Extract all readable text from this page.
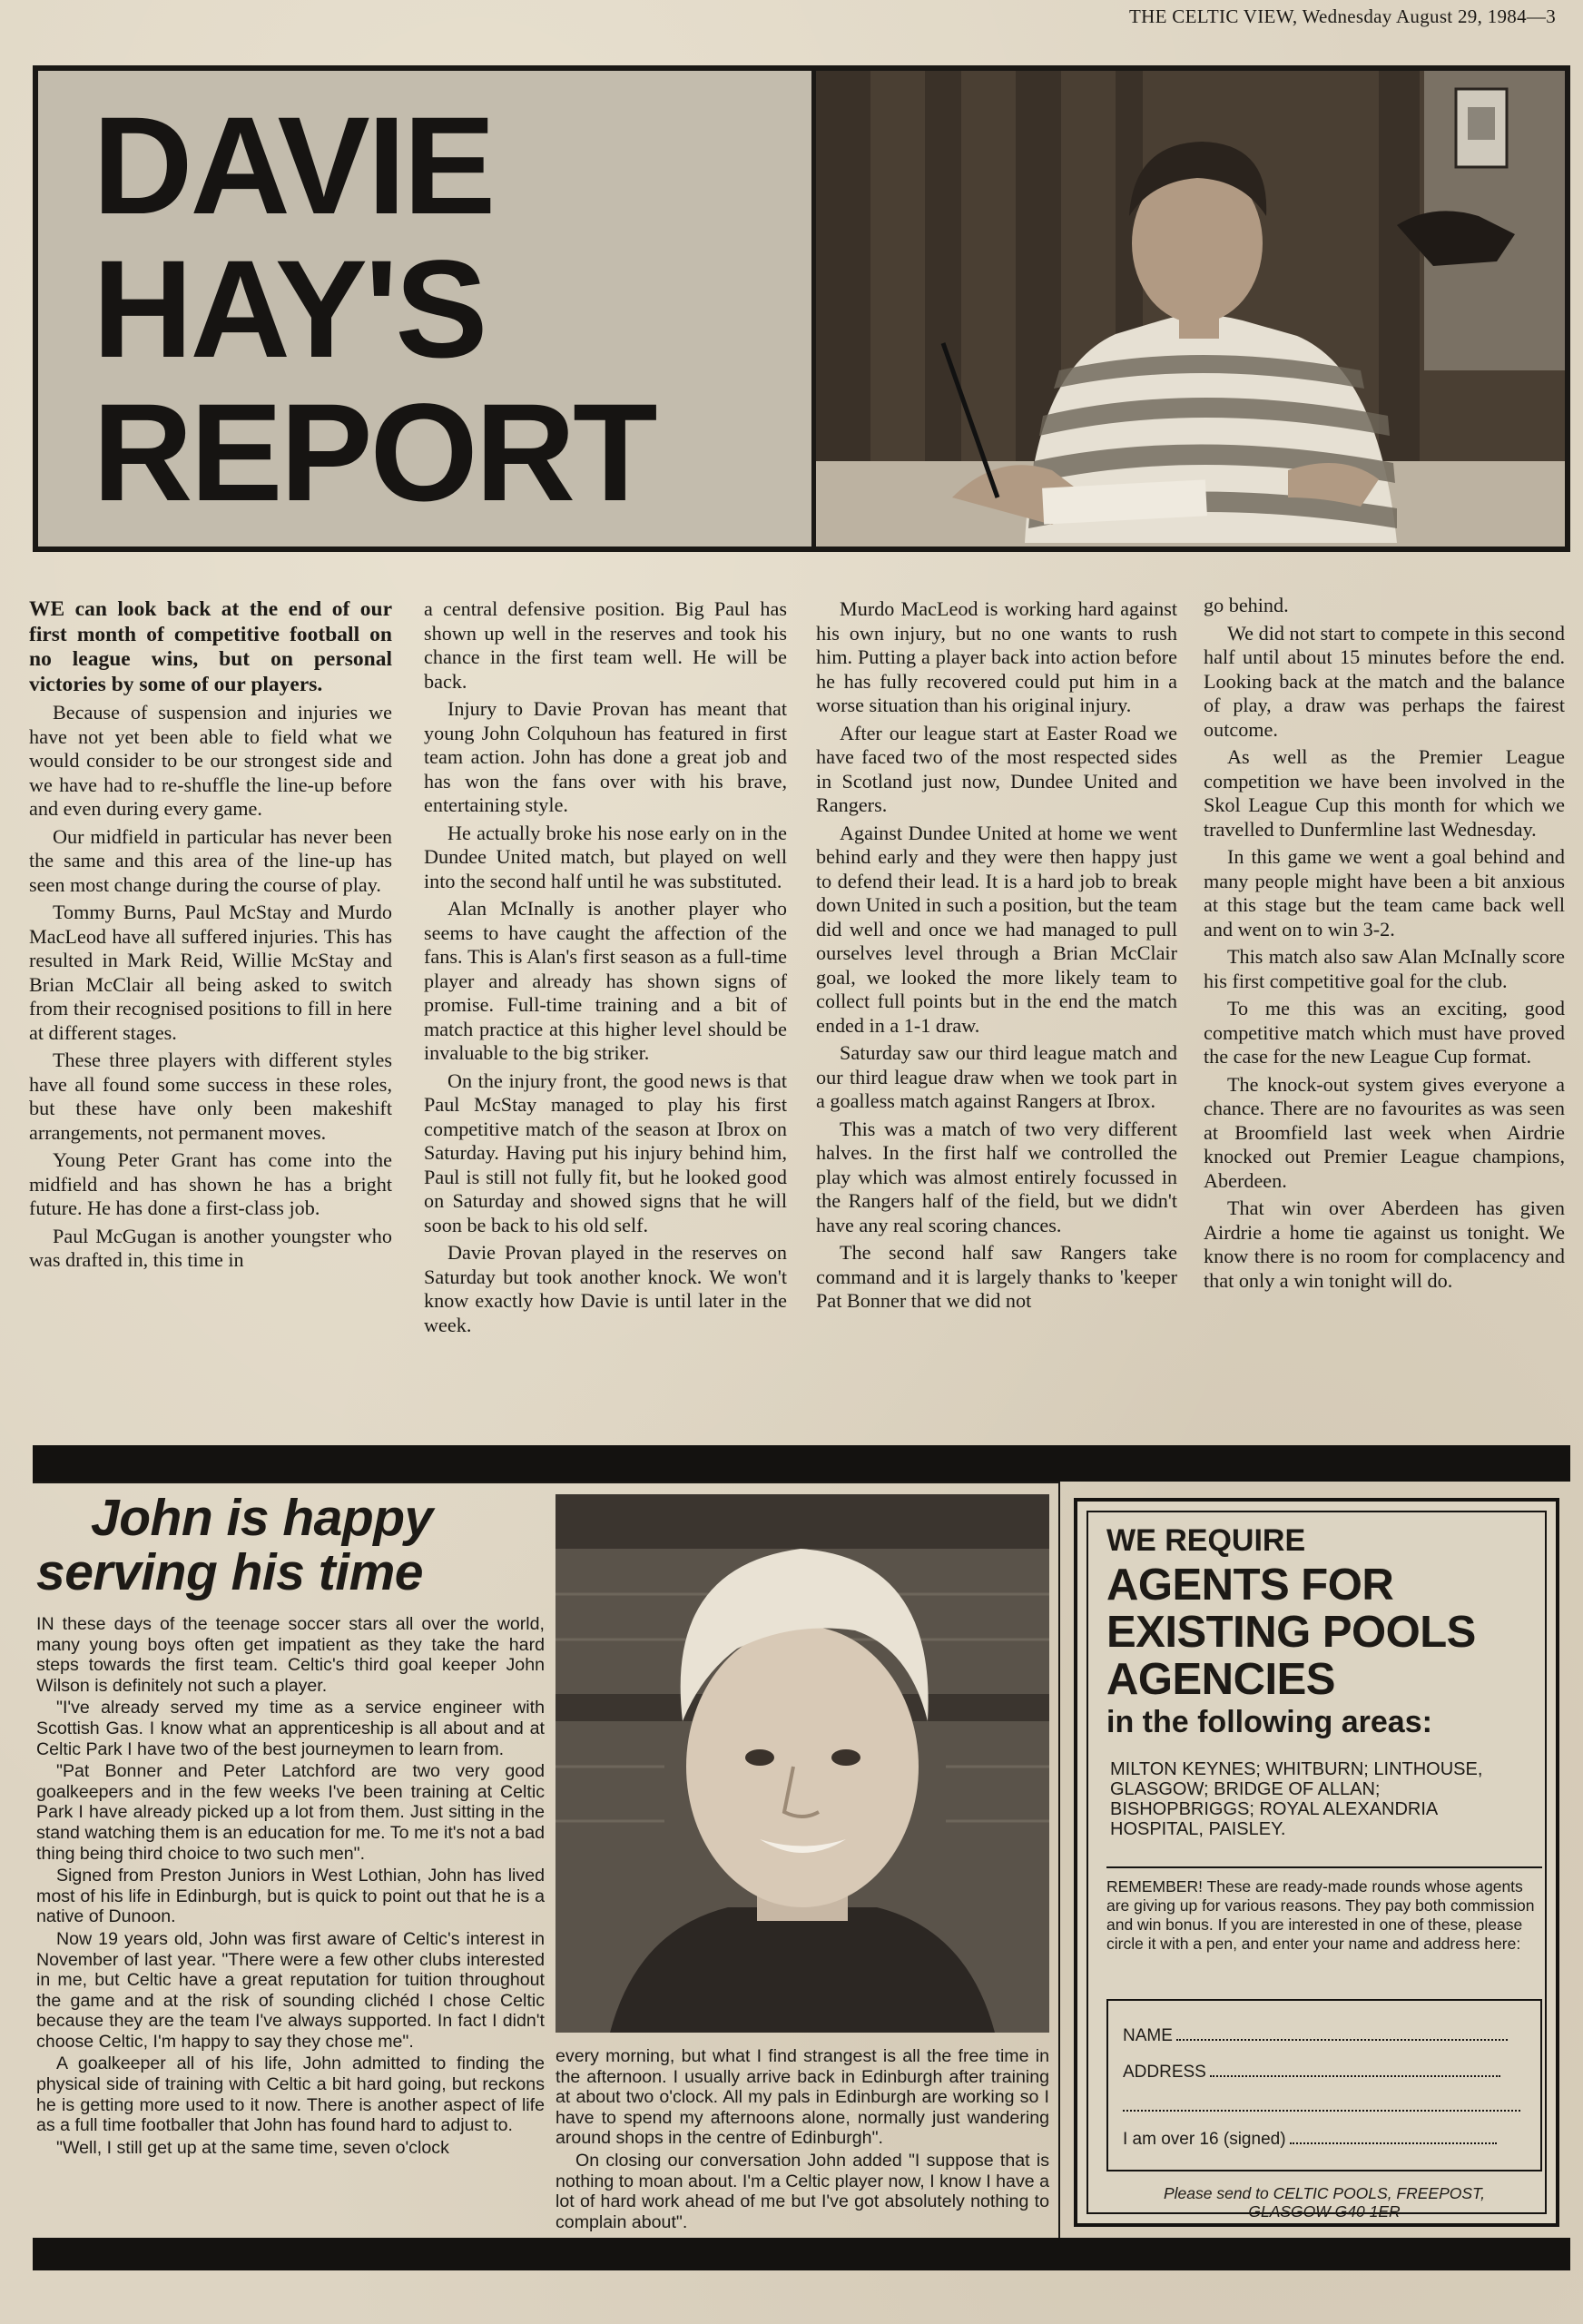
THE CELTIC VIEW, Wednesday August 29, 1984—3
DAVIE
HAY'S
REPORT

WE can look back at the end of our first month of competitive football on no league wins, but on personal victories by some of our players.

Because of suspension and injuries we have not yet been able to field what we would consider to be our strongest side and we have had to re-shuffle the line-up before and even during every game.

Our midfield in particular has never been the same and this area of the line-up has seen most change during the course of play.

Tommy Burns, Paul McStay and Murdo MacLeod have all suffered injuries. This has resulted in Mark Reid, Willie McStay and Brian McClair all being asked to switch from their recognised positions to fill in here at different stages.

These three players with different styles have all found some success in these roles, but these have only been makeshift arrangements, not permanent moves.

Young Peter Grant has come into the midfield and has shown he has a bright future. He has done a first-class job.

Paul McGugan is another youngster who was drafted in, this time in

a central defensive position. Big Paul has shown up well in the reserves and took his chance in the first team well. He will be back.

Injury to Davie Provan has meant that young John Colquhoun has featured in first team action. John has done a great job and has won the fans over with his brave, entertaining style.

He actually broke his nose early on in the Dundee United match, but played on well into the second half until he was substituted.

Alan McInally is another player who seems to have caught the affection of the fans. This is Alan's first season as a full-time player and already has shown signs of promise. Full-time training and a bit of match practice at this higher level should be invaluable to the big striker.

On the injury front, the good news is that Paul McStay managed to play his first competitive match of the season at Ibrox on Saturday. Having put his injury behind him, Paul is still not fully fit, but he looked good on Saturday and showed signs that he will soon be back to his old self.

Davie Provan played in the reserves on Saturday but took another knock. We won't know exactly how Davie is until later in the week.

Murdo MacLeod is working hard against his own injury, but no one wants to rush him. Putting a player back into action before he has fully recovered could put him in a worse situation than his original injury.

After our league start at Easter Road we have faced two of the most respected sides in Scotland just now, Dundee United and Rangers.

Against Dundee United at home we went behind early and they were then happy just to defend their lead. It is a hard job to break down United in such a position, but the team did well and once we had managed to pull ourselves level through a Brian McClair goal, we looked the more likely team to collect full points but in the end the match ended in a 1-1 draw.

Saturday saw our third league match and our third league draw when we took part in a goalless match against Rangers at Ibrox.

This was a match of two very different halves. In the first half we controlled the play which was almost entirely focussed in the Rangers half of the field, but we didn't have any real scoring chances.

The second half saw Rangers take command and it is largely thanks to 'keeper Pat Bonner that we did not

go behind.

We did not start to compete in this second half until about 15 minutes before the end. Looking back at the match and the balance of play, a draw was perhaps the fairest outcome.

As well as the Premier League competition we have been involved in the Skol League Cup this month for which we travelled to Dunfermline last Wednesday.

In this game we went a goal behind and many people might have been a bit anxious at this stage but the team came back well and went on to win 3-2.

This match also saw Alan McInally score his first competitive goal for the club.

To me this was an exciting, good competitive match which must have proved the case for the new League Cup format.

The knock-out system gives everyone a chance. There are no favourites as was seen at Broomfield last week when Airdrie knocked out Premier League champions, Aberdeen.

That win over Aberdeen has given Airdrie a home tie against us tonight. We know there is no room for complacency and that only a win tonight will do.

John is happy
serving his time

IN these days of the teenage soccer stars all over the world, many young boys often get impatient as they take the hard steps towards the first team. Celtic's third goal keeper John Wilson is definitely not such a player.

"I've already served my time as a service engineer with Scottish Gas. I know what an apprenticeship is all about and at Celtic Park I have two of the best journeymen to learn from.

"Pat Bonner and Peter Latchford are two very good goalkeepers and in the few weeks I've been training at Celtic Park I have already picked up a lot from them. Just sitting in the stand watching them is an education for me. To me it's not a bad thing being third choice to two such men".

Signed from Preston Juniors in West Lothian, John has lived most of his life in Edinburgh, but is quick to point out that he is a native of Dunoon.

Now 19 years old, John was first aware of Celtic's interest in November of last year. "There were a few other clubs interested in me, but Celtic have a great reputation for tuition throughout the game and at the risk of sounding clichéd I chose Celtic because they are the team I've always supported. In fact I didn't choose Celtic, I'm happy to say they chose me".

A goalkeeper all of his life, John admitted to finding the physical side of training with Celtic a bit hard going, but reckons he is getting more used to it now. There is another aspect of life as a full time footballer that John has found hard to adjust to.

"Well, I still get up at the same time, seven o'clock

every morning, but what I find strangest is all the free time in the afternoon. I usually arrive back in Edinburgh after training at about two o'clock. All my pals in Edinburgh are working so I have to spend my afternoons alone, normally just wandering around shops in the centre of Edinburgh".

On closing our conversation John added "I suppose that is nothing to moan about. I'm a Celtic player now, I know I have a lot of hard work ahead of me but I've got absolutely nothing to complain about".

WE REQUIRE
AGENTS FOR
EXISTING POOLS
AGENCIES
in the following areas:
MILTON KEYNES; WHITBURN; LINTHOUSE,
GLASGOW; BRIDGE OF ALLAN;
BISHOPBRIGGS; ROYAL ALEXANDRIA
HOSPITAL, PAISLEY.
REMEMBER! These are ready-made rounds whose agents are giving up for various reasons. They pay both commission and win bonus. If you are interested in one of these, please circle it with a pen, and enter your name and address here:
NAME
ADDRESS
I am over 16 (signed)
Please send to CELTIC POOLS, FREEPOST,
GLASGOW G40 1ER
